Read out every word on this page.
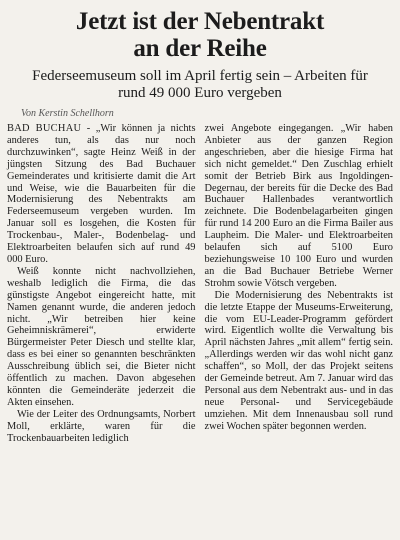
Jetzt ist der Nebentrakt
an der Reihe
Federseemuseum soll im April fertig sein – Arbeiten für
rund 49 000 Euro vergeben
Von Kerstin Schellhorn

BAD BUCHAU - „Wir können ja nichts anderes tun, als das nur noch durchzuwinken“, sagte Heinz Weiß in der jüngsten Sitzung des Bad Buchauer Gemeinderates und kritisierte damit die Art und Weise, wie die Bauarbeiten für die Modernisierung des Nebentrakts am Federseemuseum vergeben wurden. Im Januar soll es losgehen, die Kosten für Trockenbau-, Maler-, Bodenbelag- und Elektroarbeiten belaufen sich auf rund 49 000 Euro.

Weiß konnte nicht nachvollziehen, weshalb lediglich die Firma, die das günstigste Angebot eingereicht hatte, mit Namen genannt wurde, die anderen jedoch nicht. „Wir betreiben hier keine Geheimniskrämerei“, erwiderte Bürgermeister Peter Diesch und stellte klar, dass es bei einer so genannten beschränkten Ausschreibung üblich sei, die Bieter nicht öffentlich zu machen. Davon abgesehen könnten die Gemeinderäte jederzeit die Akten einsehen.

Wie der Leiter des Ordnungsamts, Norbert Moll, erklärte, waren für die Trockenbauarbeiten lediglich

zwei Angebote eingegangen. „Wir haben Anbieter aus der ganzen Region angeschrieben, aber die hiesige Firma hat sich nicht gemeldet.“ Den Zuschlag erhielt somit der Betrieb Birk aus Ingoldingen-Degernau, der bereits für die Decke des Bad Buchauer Hallenbades verantwortlich zeichnete. Die Bodenbelagarbeiten gingen für rund 14 200 Euro an die Firma Bailer aus Laupheim. Die Maler- und Elektroarbeiten belaufen sich auf 5100 Euro beziehungsweise 10 100 Euro und wurden an die Bad Buchauer Betriebe Werner Strohm sowie Vötsch vergeben.

Die Modernisierung des Nebentrakts ist die letzte Etappe der Museums-Erweiterung, die vom EU-Leader-Programm gefördert wird. Eigentlich wollte die Verwaltung bis April nächsten Jahres „mit allem“ fertig sein. „Allerdings werden wir das wohl nicht ganz schaffen“, so Moll, der das Projekt seitens der Gemeinde betreut. Am 7. Januar wird das Personal aus dem Nebentrakt aus- und in das neue Personal- und Servicegebäude umziehen. Mit dem Innenausbau soll rund zwei Wochen später begonnen werden.
